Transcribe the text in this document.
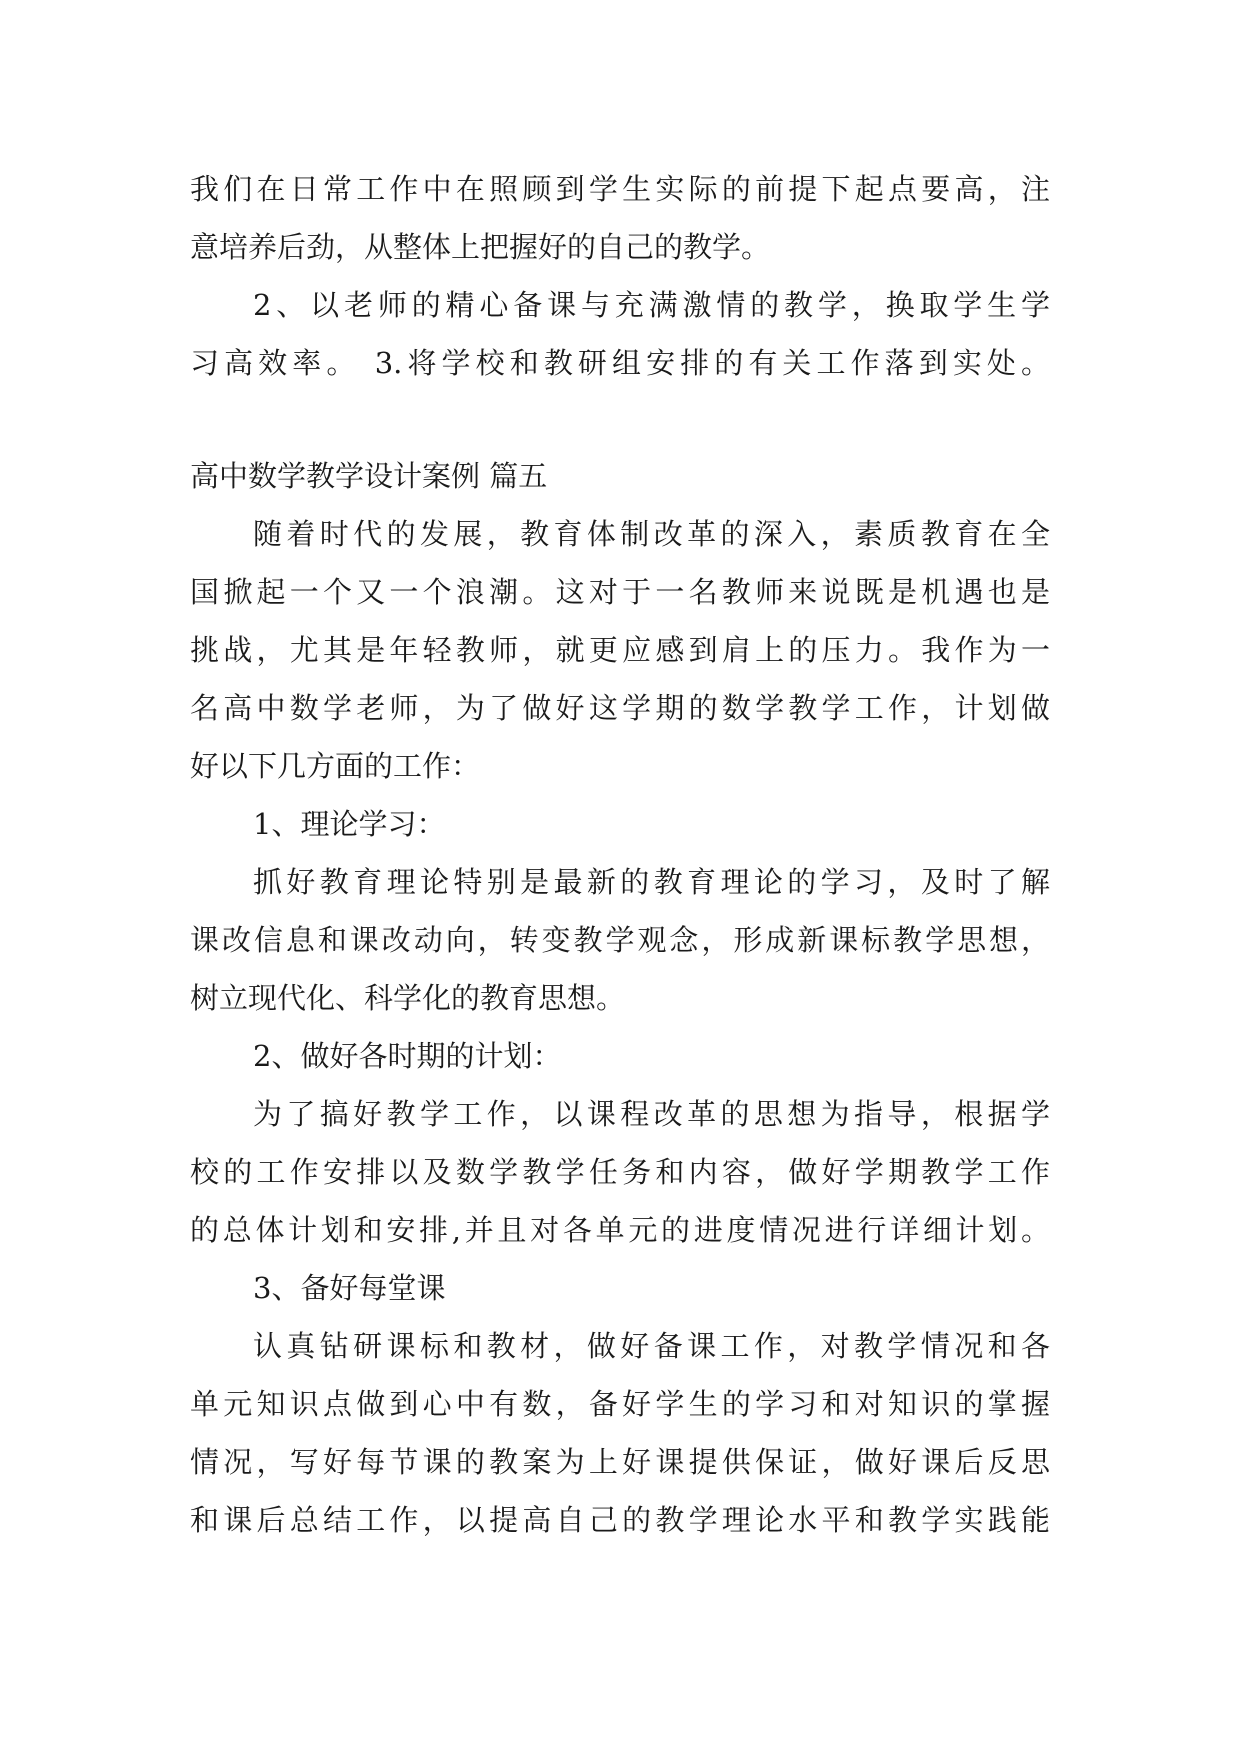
我们在日常工作中在照顾到学生实际的前提下起点要高，注
意培养后劲，从整体上把握好的自己的教学。
2、以老师的精心备课与充满激情的教学，换取学生学
习高效率。 3.将学校和教研组安排的有关工作落到实处。
高中数学教学设计案例 篇五
随着时代的发展，教育体制改革的深入，素质教育在全
国掀起一个又一个浪潮。这对于一名教师来说既是机遇也是
挑战，尤其是年轻教师，就更应感到肩上的压力。我作为一
名高中数学老师，为了做好这学期的数学教学工作，计划做
好以下几方面的工作：
1、理论学习：
抓好教育理论特别是最新的教育理论的学习，及时了解
课改信息和课改动向，转变教学观念，形成新课标教学思想，
树立现代化、科学化的教育思想。
2、做好各时期的计划：
为了搞好教学工作，以课程改革的思想为指导，根据学
校的工作安排以及数学教学任务和内容，做好学期教学工作
的总体计划和安排,并且对各单元的进度情况进行详细计划。
3、备好每堂课
认真钻研课标和教材，做好备课工作，对教学情况和各
单元知识点做到心中有数，备好学生的学习和对知识的掌握
情况，写好每节课的教案为上好课提供保证，做好课后反思
和课后总结工作，以提高自己的教学理论水平和教学实践能
